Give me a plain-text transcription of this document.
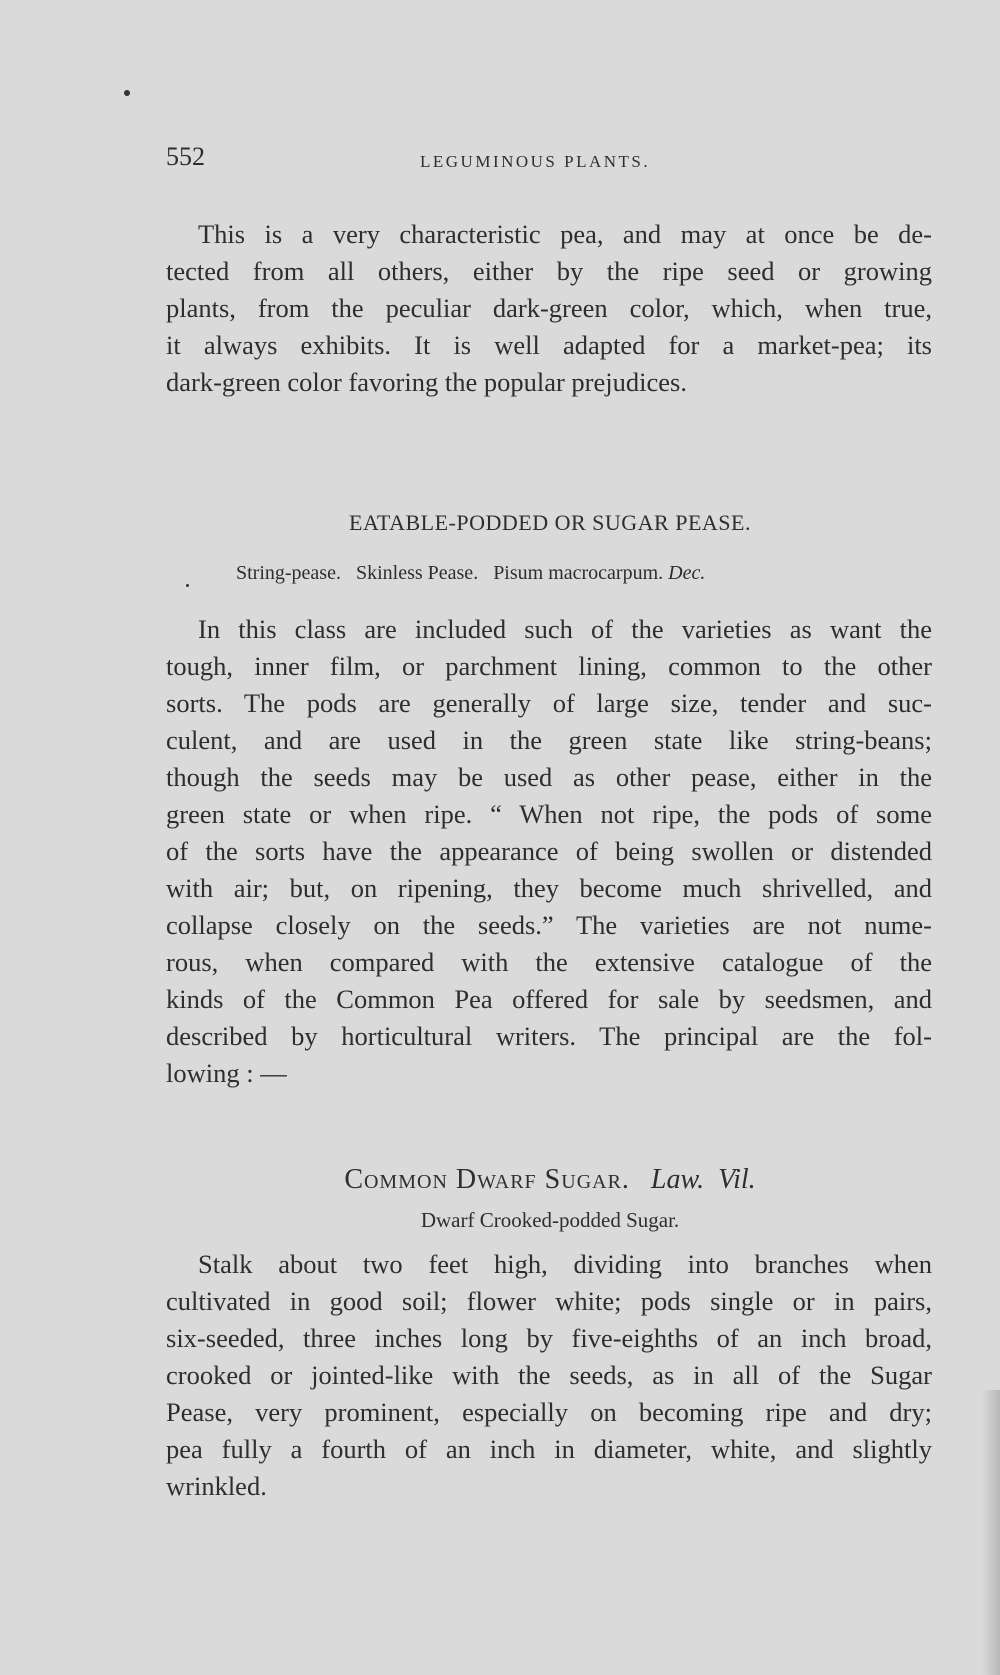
552	LEGUMINOUS PLANTS.
This is a very characteristic pea, and may at once be de-
tected from all others, either by the ripe seed or growing
plants, from the peculiar dark-green color, which, when true,
it always exhibits. It is well adapted for a market-pea; its
dark-green color favoring the popular prejudices.
EATABLE-PODDED OR SUGAR PEASE.
String-pease.   Skinless Pease.   Pisum macrocarpum. Dec.
In this class are included such of the varieties as want the
tough, inner film, or parchment lining, common to the other
sorts. The pods are generally of large size, tender and suc-
culent, and are used in the green state like string-beans;
though the seeds may be used as other pease, either in the
green state or when ripe. “ When not ripe, the pods of some
of the sorts have the appearance of being swollen or distended
with air; but, on ripening, they become much shrivelled, and
collapse closely on the seeds.” The varieties are not nume-
rous, when compared with the extensive catalogue of the
kinds of the Common Pea offered for sale by seedsmen, and
described by horticultural writers. The principal are the fol-
lowing : —
Common Dwarf Sugar. Law.  Vil.
Dwarf Crooked-podded Sugar.
Stalk about two feet high, dividing into branches when
cultivated in good soil; flower white; pods single or in pairs,
six-seeded, three inches long by five-eighths of an inch broad,
crooked or jointed-like with the seeds, as in all of the Sugar
Pease, very prominent, especially on becoming ripe and dry;
pea fully a fourth of an inch in diameter, white, and slightly
wrinkled.
